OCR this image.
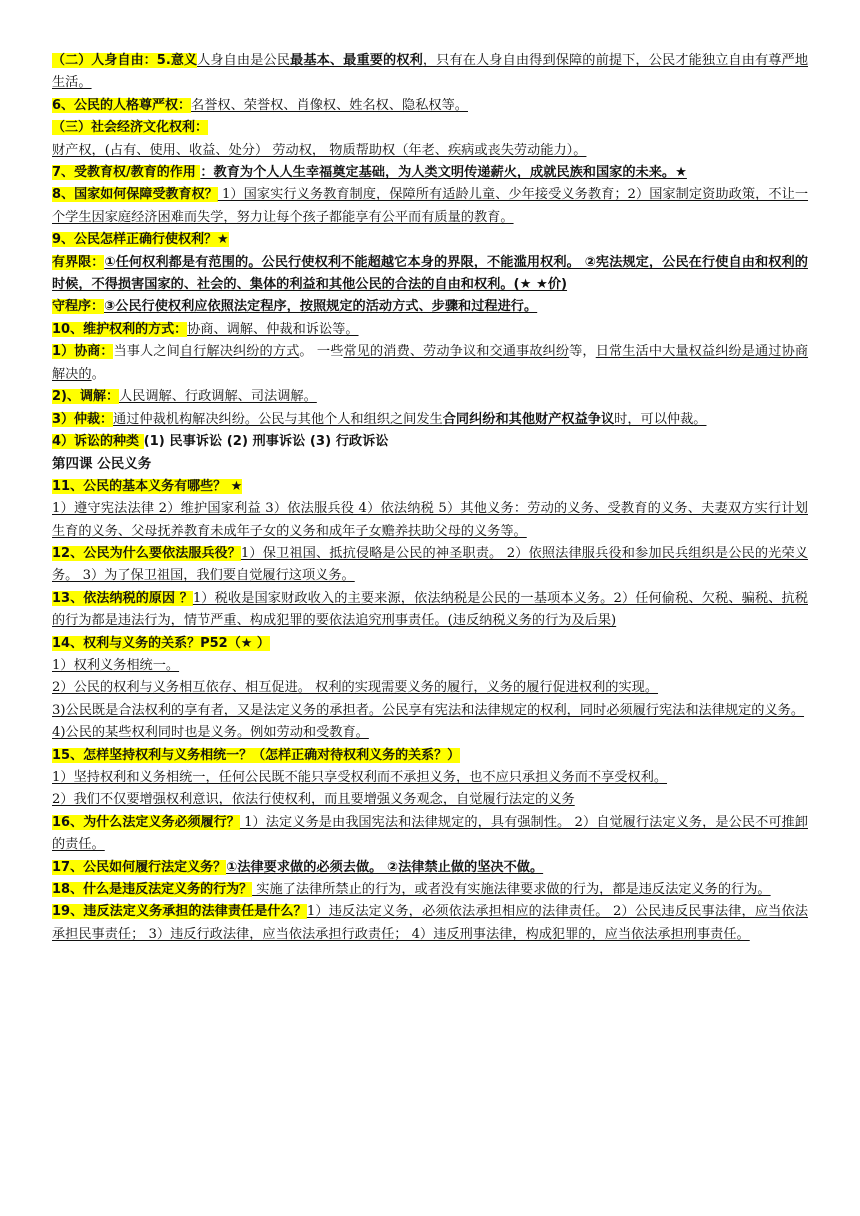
（二）人身自由：5.意义人身自由是公民最基本、最重要的权利，只有在人身自由得到保障的前提下，公民才能独立自由有尊严地生活。
6、公民的人格尊严权：名誉权、荣誉权、肖像权、姓名权、隐私权等。
（三）社会经济文化权利：
财产权，(占有、使用、收益、处分） 劳动权， 物质帮助权（年老、疾病或丧失劳动能力）。
7、受教育权/教育的作用 ：教育为个人人生幸福奠定基础，为人类文明传递薪火，成就民族和国家的未来。★
8、国家如何保障受教育权？ 1）国家实行义务教育制度，保障所有适龄儿童、少年接受义务教育；2）国家制定资助政策，不让一个学生因家庭经济困难而失学，努力让每个孩子都能享有公平而有质量的教育。
9、公民怎样正确行使权利？★
有界限：①任何权利都是有范围的。公民行使权利不能超越它本身的界限，不能滥用权利。 ②宪法规定，公民在行使自由和权利的时候，不得损害国家的、社会的、集体的利益和其他公民的合法的自由和权利。(★ ★价)
守程序：③公民行使权利应依照法定程序，按照规定的活动方式、步骤和过程进行。
10、维护权利的方式：协商、调解、仲裁和诉讼等。
1）协商：当事人之间自行解决纠纷的方式。 一些常见的消费、劳动争议和交通事故纠纷等，日常生活中大量权益纠纷是通过协商解决的。
2)、调解：人民调解、行政调解、司法调解。
3）仲裁：通过仲裁机构解决纠纷。公民与其他个人和组织之间发生合同纠纷和其他财产权益争议时，可以仲裁。
4）诉讼的种类 (1) 民事诉讼 (2) 刑事诉讼 (3) 行政诉讼
第四课 公民义务
11、公民的基本义务有哪些？ ★
1）遵守宪法法律 2）维护国家利益 3）依法服兵役 4）依法纳税 5）其他义务：劳动的义务、受教育的义务、夫妻双方实行计划生育的义务、父母抚养教育未成年子女的义务和成年子女赡养扶助父母的义务等。
12、公民为什么要依法服兵役？1）保卫祖国、抵抗侵略是公民的神圣职责。 2）依照法律服兵役和参加民兵组织是公民的光荣义务。 3）为了保卫祖国，我们要自觉履行这项义务。
13、依法纳税的原因 ？1）税收是国家财政收入的主要来源，依法纳税是公民的一基项本义务。2）任何偷税、欠税、骗税、抗税的行为都是违法行为，情节严重、构成犯罪的要依法追究刑事责任。(违反纳税义务的行为及后果)
14、权利与义务的关系？P52（★ ）
1）权利义务相统一。
2）公民的权利与义务相互依存、相互促进。 权利的实现需要义务的履行，义务的履行促进权利的实现。
3)公民既是合法权利的享有者，又是法定义务的承担者。公民享有宪法和法律规定的权利，同时必须履行宪法和法律规定的义务。
4)公民的某些权利同时也是义务。例如劳动和受教育。
15、怎样坚持权利与义务相统一？（怎样正确对待权利义务的关系？）
1）坚持权利和义务相统一，任何公民既不能只享受权利而不承担义务，也不应只承担义务而不享受权利。
2）我们不仅要增强权利意识，依法行使权利，而且要增强义务观念，自觉履行法定的义务
16、为什么法定义务必须履行？ 1）法定义务是由我国宪法和法律规定的，具有强制性。 2）自觉履行法定义务，是公民不可推卸的责任。
17、公民如何履行法定义务？①法律要求做的必须去做。 ②法律禁止做的坚决不做。
18、什么是违反法定义务的行为？ 实施了法律所禁止的行为，或者没有实施法律要求做的行为，都是违反法定义务的行为。
19、违反法定义务承担的法律责任是什么？1）违反法定义务，必须依法承担相应的法律责任。 2）公民违反民事法律，应当依法承担民事责任； 3）违反行政法律，应当依法承担行政责任； 4）违反刑事法律，构成犯罪的，应当依法承担刑事责任。
